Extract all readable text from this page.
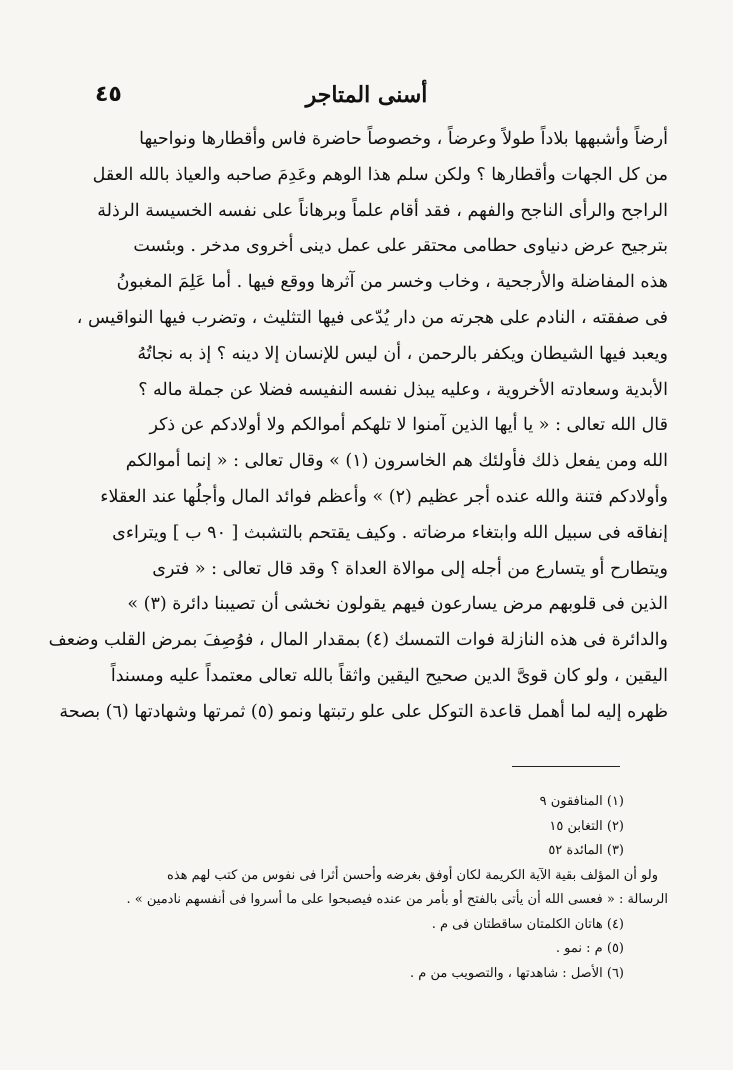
٤٥	أسنى المتاجر
أرضاً وأشبهها بلاداً طولاً وعرضاً ، وخصوصاً حاضرة فاس وأقطارها ونواحيها
من كل الجهات وأقطارها ؟ ولكن سلم هذا الوهم وعَدِمَ صاحبه والعياذ بالله العقل
الراجح والرأى الناجح والفهم ، فقد أقام علماً وبرهاناً على نفسه الخسيسة الرذلة
بترجيح عرض دنياوى حطامى محتقر على عمل دينى أخروى مدخر . وبئست
هذه المفاضلة والأرجحية ، وخاب وخسر من آثرها ووقع فيها . أما عَلِمَ المغبونُ
فى صفقته ، النادم على هجرته من دار يُدّعى فيها التثليث ، وتضرب فيها النواقيس ،
ويعبد فيها الشيطان ويكفر بالرحمن ، أن ليس للإنسان إلا دينه ؟ إذ به نجاتُهُ
الأبدية وسعادته الأخروية ، وعليه يبذل نفسه النفيسه فضلا عن جملة ماله ؟
قال الله تعالى : « يا أيها الذين آمنوا لا تلهكم أموالكم ولا أولادكم عن ذكر
الله ومن يفعل ذلك فأولئك هم الخاسرون (١) » وقال تعالى : « إنما أموالكم
وأولادكم فتنة والله عنده أجر عظيم (٢) » وأعظم فوائد المال وأجلُها عند العقلاء
إنفاقه فى سبيل الله وابتغاء مرضاته . وكيف يقتحم بالتشبث [ ٩٠ ب ] ويتراءى
ويتطارح أو يتسارع من أجله إلى موالاة العداة ؟ وقد قال تعالى : « فترى
الذين فى قلوبهم مرض يسارعون فيهم يقولون نخشى أن تصيبنا دائرة (٣) »
والدائرة فى هذه النازلة فوات التمسك (٤) بمقدار المال ، فوُصِفَ بمرض القلب وضعف
اليقين ، ولو كان قوىَّ الدين صحيح اليقين واثقاً بالله تعالى معتمداً عليه ومسنداً
ظهره إليه لما أهمل قاعدة التوكل على علو رتبتها ونمو (٥) ثمرتها وشهادتها (٦) بصحة
(١) المنافقون ٩
(٢) التغابن ١٥
(٣) المائدة ٥٢
ولو أن المؤلف بقية الآية الكريمة لكان أوفق بغرضه وأحسن أثرا فى نفوس من كتب لهم هذه
الرسالة : « فعسى الله أن يأتى بالفتح أو بأمر من عنده فيصبحوا على ما أسروا فى أنفسهم نادمين » .
(٤) هاتان الكلمتان ساقطتان فى م .
(٥) م : نمو .
(٦) الأصل : شاهدتها ، والتصويب من م .
